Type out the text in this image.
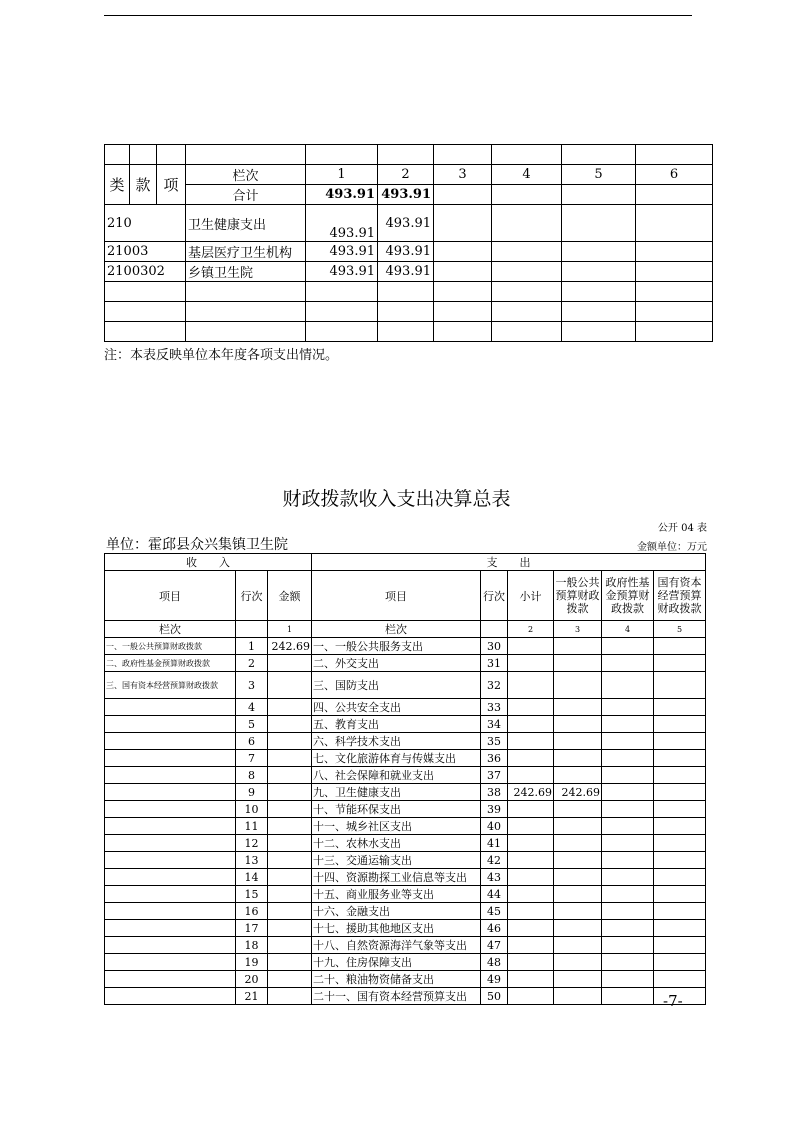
类	款	项	栏次	1	2	3	4	5	6
			合计	493.91	493.91				
210			卫生健康支出	493.91	493.91				
21003			基层医疗卫生机构	493.91	493.91				
2100302			乡镇卫生院	493.91	493.91				

注：本表反映单位本年度各项支出情况。
财政拨款收入支出决算总表
公开 04 表
单位：霍邱县众兴集镇卫生院	金额单位：万元
收　　入			支　　出					
项目	行次	金额	项目	行次	小计	一般公共预算财政拨款	政府性基金预算财政拨款	国有资本经营预算财政拨款
栏次		1	栏次		2	3	4	5
一、一般公共预算财政拨款	1	242.69	一、一般公共服务支出	30				
二、政府性基金预算财政拨款	2		二、外交支出	31				
三、国有资本经营预算财政拨款	3		三、国防支出	32				
	4		四、公共安全支出	33				
	5		五、教育支出	34				
	6		六、科学技术支出	35				
	7		七、文化旅游体育与传媒支出	36				
	8		八、社会保障和就业支出	37				
	9		九、卫生健康支出	38	242.69	242.69		
	10		十、节能环保支出	39				
	11		十一、城乡社区支出	40				
	12		十二、农林水支出	41				
	13		十三、交通运输支出	42				
	14		十四、资源勘探工业信息等支出	43				
	15		十五、商业服务业等支出	44				
	16		十六、金融支出	45				
	17		十七、援助其他地区支出	46				
	18		十八、自然资源海洋气象等支出	47				
	19		十九、住房保障支出	48				
	20		二十、粮油物资储备支出	49				
	21		二十一、国有资本经营预算支出	50					-7-
